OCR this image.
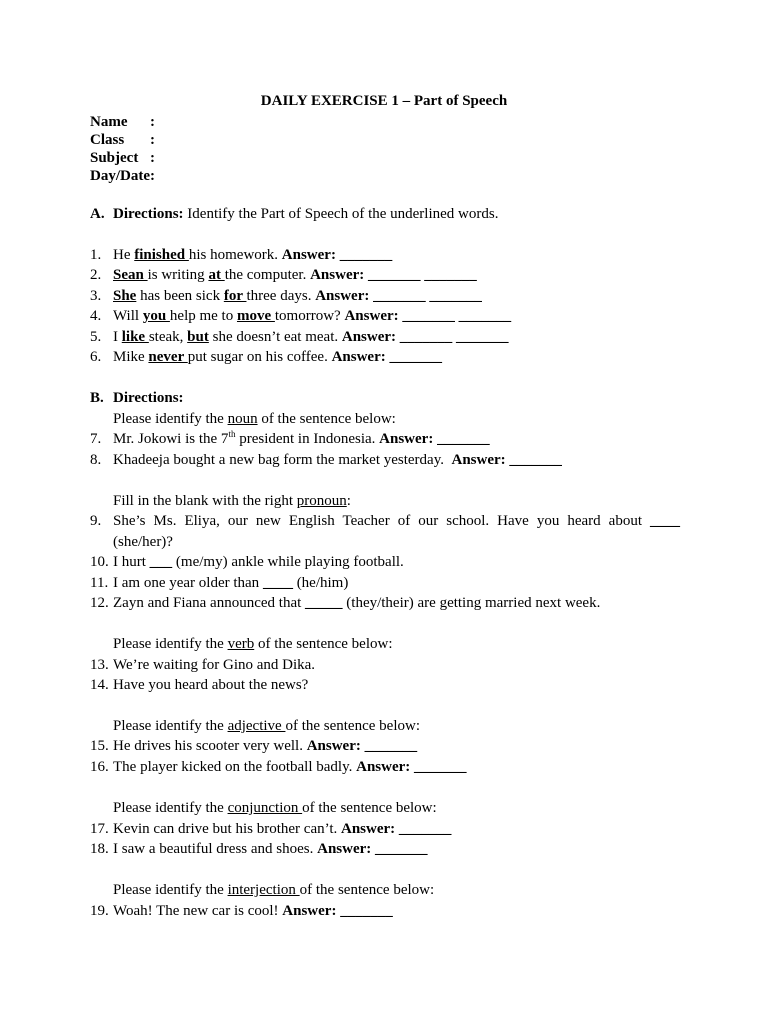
DAILY EXERCISE 1 – Part of Speech
Name :
Class :
Subject :
Day/Date:
A. Directions: Identify the Part of Speech of the underlined words.
1. He finished his homework. Answer: _______
2. Sean is writing at the computer. Answer: _______ _______
3. She has been sick for three days. Answer: _______ _______
4. Will you help me to move tomorrow? Answer: _______ _______
5. I like steak, but she doesn’t eat meat. Answer: _______ _______
6. Mike never put sugar on his coffee. Answer: _______
B. Directions:
Please identify the noun of the sentence below:
7. Mr. Jokowi is the 7th president in Indonesia. Answer: _______
8. Khadeeja bought a new bag form the market yesterday.  Answer: _______
Fill in the blank with the right pronoun:
9. She’s Ms. Eliya, our new English Teacher of our school. Have you heard about ____
(she/her)?
10. I hurt ___ (me/my) ankle while playing football.
11. I am one year older than ____ (he/him)
12. Zayn and Fiana announced that _____ (they/their) are getting married next week.
Please identify the verb of the sentence below:
13. We’re waiting for Gino and Dika.
14. Have you heard about the news?
Please identify the adjective of the sentence below:
15. He drives his scooter very well. Answer: _______
16. The player kicked on the football badly. Answer: _______
Please identify the conjunction of the sentence below:
17. Kevin can drive but his brother can’t. Answer: _______
18. I saw a beautiful dress and shoes. Answer: _______
Please identify the interjection of the sentence below:
19. Woah! The new car is cool! Answer: _______
